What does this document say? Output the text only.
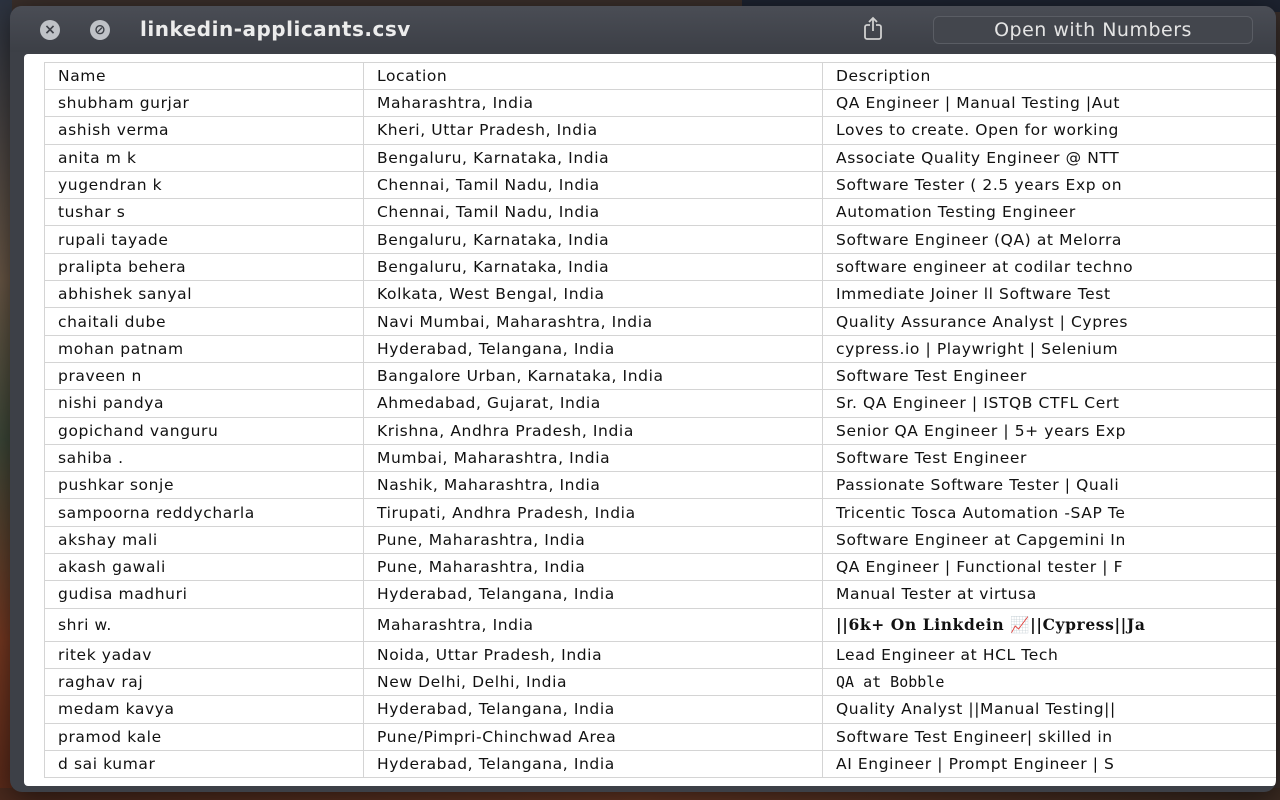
×	⊘ linkedin-applicants.csv	Open with Numbers
Name	Location	Description
shubham gurjar	Maharashtra, India	QA Engineer | Manual Testing |Aut
ashish verma	Kheri, Uttar Pradesh, India	Loves to create. Open for working
anita m k	Bengaluru, Karnataka, India	Associate Quality Engineer @ NTT
yugendran k	Chennai, Tamil Nadu, India	Software Tester ( 2.5 years Exp on
tushar s	Chennai, Tamil Nadu, India	Automation Testing Engineer
rupali tayade	Bengaluru, Karnataka, India	Software Engineer (QA) at Melorra
pralipta behera	Bengaluru, Karnataka, India	software engineer at codilar techno
abhishek sanyal	Kolkata, West Bengal, India	Immediate Joiner ll Software Test
chaitali dube	Navi Mumbai, Maharashtra, India	Quality Assurance Analyst | Cypres
mohan patnam	Hyderabad, Telangana, India	cypress.io | Playwright | Selenium
praveen n	Bangalore Urban, Karnataka, India	Software Test Engineer
nishi pandya	Ahmedabad, Gujarat, India	Sr. QA Engineer | ISTQB CTFL Cert
gopichand vanguru	Krishna, Andhra Pradesh, India	Senior QA Engineer | 5+ years Exp
sahiba .	Mumbai, Maharashtra, India	Software Test Engineer
pushkar sonje	Nashik, Maharashtra, India	Passionate Software Tester | Quali
sampoorna reddycharla	Tirupati, Andhra Pradesh, India	Tricentic Tosca Automation -SAP Te
akshay mali	Pune, Maharashtra, India	Software Engineer at Capgemini In
akash gawali	Pune, Maharashtra, India	QA Engineer | Functional tester | F
gudisa madhuri	Hyderabad, Telangana, India	Manual Tester at virtusa
shri w.	Maharashtra, India	||6k+ On Linkdein 📈||Cypress||Ja
ritek yadav	Noida, Uttar Pradesh, India	Lead Engineer at HCL Tech
raghav raj	New Delhi, Delhi, India	QA at Bobble
medam kavya	Hyderabad, Telangana, India	Quality Analyst ||Manual Testing||
pramod kale	Pune/Pimpri-Chinchwad Area	Software Test Engineer| skilled in
d sai kumar	Hyderabad, Telangana, India	AI Engineer | Prompt Engineer | S
